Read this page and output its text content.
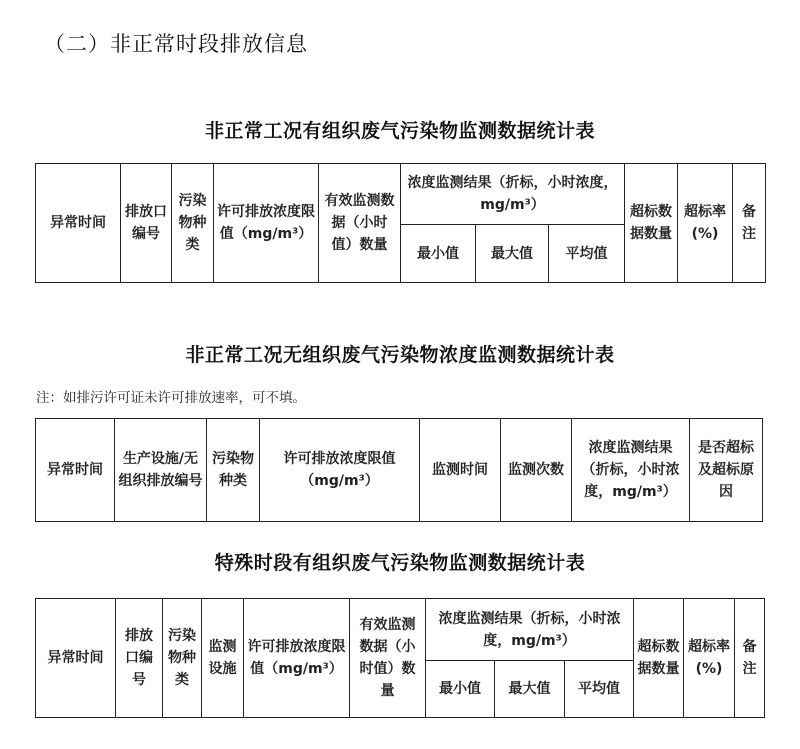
（二）非正常时段排放信息
非正常工况有组织废气污染物监测数据统计表
异常时间	排放口编号	污染物种类	许可排放浓度限值（mg/m³）	有效监测数据（小时值）数量	浓度监测结果（折标，小时浓度，mg/m³）			超标数据数量	超标率(%)	备注
					最小值	最大值	平均值			
非正常工况无组织废气污染物浓度监测数据统计表
注：如排污许可证未许可排放速率，可不填。
异常时间	生产设施/无组织排放编号	污染物种类	许可排放浓度限值（mg/m³）	监测时间	监测次数	浓度监测结果（折标，小时浓度，mg/m³）	是否超标及超标原因
特殊时段有组织废气污染物监测数据统计表
异常时间	排放口编号	污染物种类	监测设施	许可排放浓度限值（mg/m³）	有效监测数据（小时值）数量	浓度监测结果（折标，小时浓度，mg/m³）			超标数据数量	超标率(%)	备注
						最小值	最大值	平均值			
